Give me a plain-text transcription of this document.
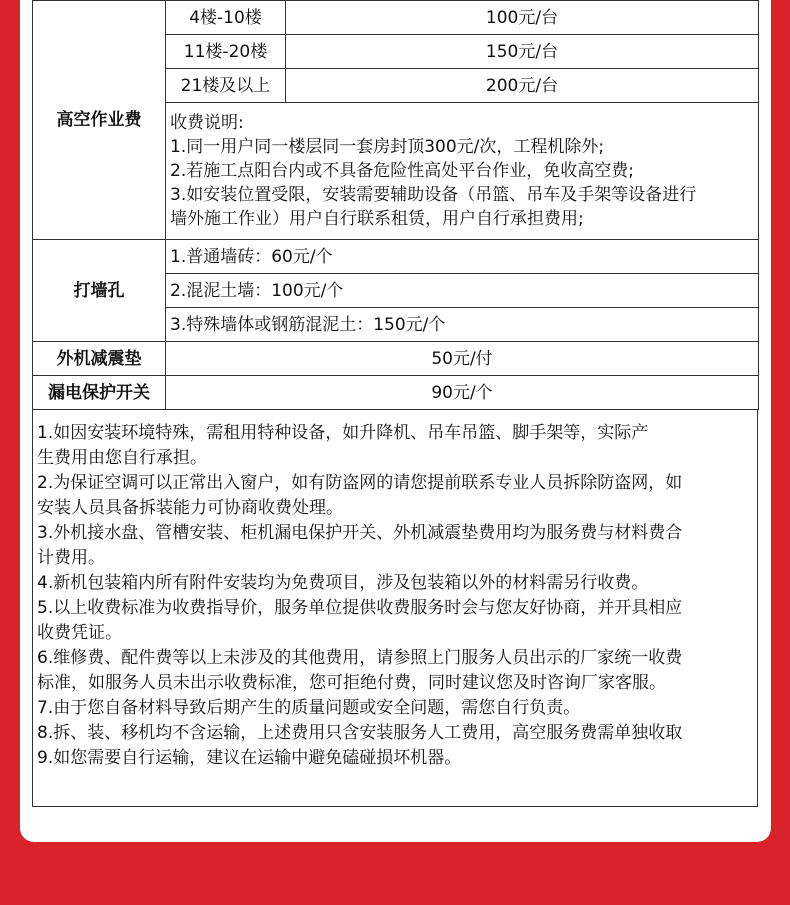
高空作业费	4楼-10楼	100元/台
	11楼-20楼	150元/台
	21楼及以上	200元/台

	收费说明:
1.同一用户同一楼层同一套房封顶300元/次，工程机除外;
2.若施工点阳台内或不具备危险性高处平台作业，免收高空费;
3.如安装位置受限，安装需要辅助设备（吊篮、吊车及手架等设备进行
墙外施工作业）用户自行联系租赁，用户自行承担费用;	

打墙孔	1.普通墙砖：60元/个	
	2.混泥土墙：100元/个	
	3.特殊墙体或钢筋混泥土：150元/个	
外机减震垫	50元/付	
漏电保护开关	90元/个	
1.如因安装环境特殊，需租用特种设备，如升降机、吊车吊篮、脚手架等，实际产
生费用由您自行承担。
2.为保证空调可以正常出入窗户，如有防盗网的请您提前联系专业人员拆除防盗网，如
安装人员具备拆装能力可协商收费处理。
3.外机接水盘、管槽安装、柜机漏电保护开关、外机减震垫费用均为服务费与材料费合
计费用。
4.新机包装箱内所有附件安装均为免费项目，涉及包装箱以外的材料需另行收费。
5.以上收费标准为收费指导价，服务单位提供收费服务时会与您友好协商，并开具相应
收费凭证。
6.维修费、配件费等以上未涉及的其他费用，请参照上门服务人员出示的厂家统一收费
标准，如服务人员未出示收费标准，您可拒绝付费，同时建议您及时咨询厂家客服。
7.由于您自备材料导致后期产生的质量问题或安全问题，需您自行负责。
8.拆、装、移机均不含运输，上述费用只含安装服务人工费用，高空服务费需单独收取
9.如您需要自行运输，建议在运输中避免磕碰损坏机器。
